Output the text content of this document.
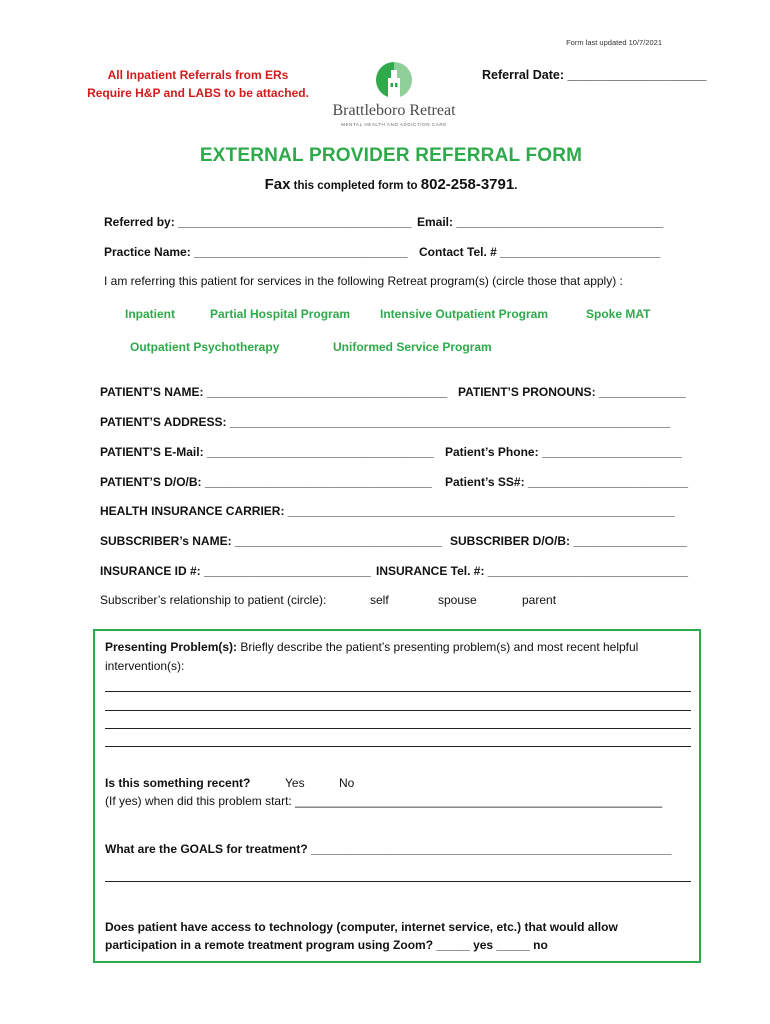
Form last updated 10/7/2021
All Inpatient Referrals from ERs
Require H&P and LABS to be attached.
Brattleboro Retreat
MENTAL HEALTH AND ADDICTION CARE
Referral Date: ____________________
EXTERNAL PROVIDER REFERRAL FORM
Fax this completed form to 802-258-3791.
Referred by: ___________________________________ Email: _______________________________
Practice Name: ________________________________ Contact Tel. # ________________________
I am referring this patient for services in the following Retreat program(s) (circle those that apply) :
Inpatient	Partial Hospital Program Intensive Outpatient Program	Spoke MAT
Outpatient Psychotherapy	Uniformed Service Program
PATIENT’S NAME: ____________________________________ PATIENT’S PRONOUNS: _____________
PATIENT’S ADDRESS: __________________________________________________________________
PATIENT’S E-Mail: __________________________________ Patient’s Phone: _____________________
PATIENT’S D/O/B: __________________________________ Patient’s SS#: ________________________
HEALTH INSURANCE CARRIER: __________________________________________________________
SUBSCRIBER’s NAME: _______________________________ SUBSCRIBER D/O/B: _________________
INSURANCE ID #: _________________________ INSURANCE Tel. #: ______________________________
Subscriber’s relationship to patient (circle):	self	spouse	parent
Presenting Problem(s): Briefly describe the patient’s presenting problem(s) and most recent helpful
intervention(s):
Is this something recent?	Yes	No
(If yes) when did this problem start: _______________________________________________________
What are the GOALS for treatment? ______________________________________________________
Does patient have access to technology (computer, internet service, etc.) that would allow
participation in a remote treatment program using Zoom? _____ yes _____ no
